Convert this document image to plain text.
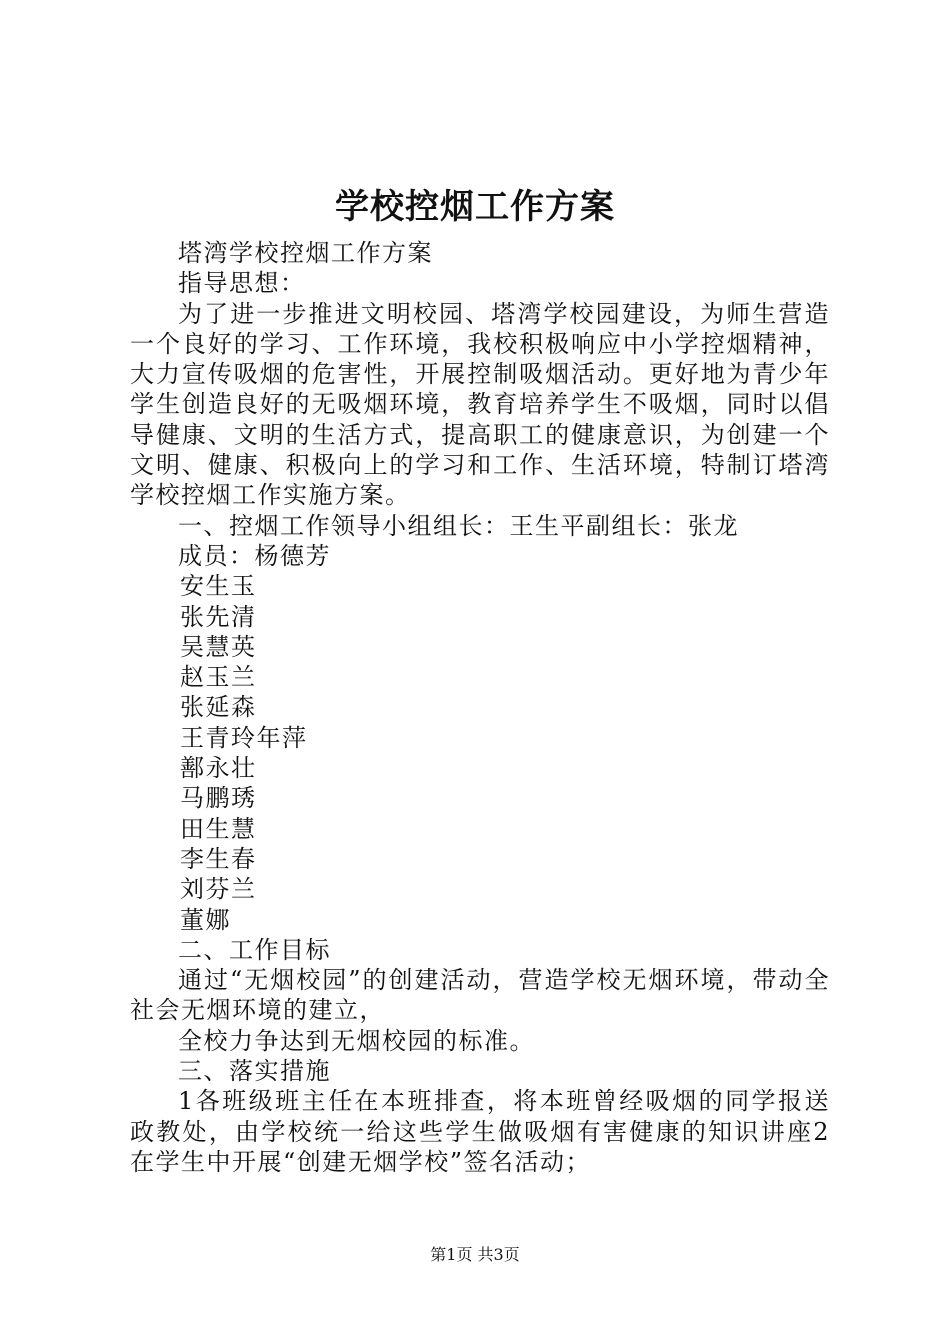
学校控烟工作方案

塔湾学校控烟工作方案

指导思想：

为了进一步推进文明校园、塔湾学校园建设，为师生营造一个良好的学习、工作环境，我校积极响应中小学控烟精神，大力宣传吸烟的危害性，开展控制吸烟活动。更好地为青少年学生创造良好的无吸烟环境，教育培养学生不吸烟，同时以倡导健康、文明的生活方式，提高职工的健康意识，为创建一个文明、健康、积极向上的学习和工作、生活环境，特制订塔湾学校控烟工作实施方案。

一、控烟工作领导小组组长：王生平副组长：张龙

成员：杨德芳

安生玉
张先清
吴慧英
赵玉兰
张延森
王青玲年萍
鄯永壮
马鹏琇
田生慧
李生春
刘芬兰
董娜

二、工作目标

通过“无烟校园”的创建活动，营造学校无烟环境，带动全社会无烟环境的建立，

全校力争达到无烟校园的标准。

三、落实措施

1各班级班主任在本班排查，将本班曾经吸烟的同学报送政教处，由学校统一给这些学生做吸烟有害健康的知识讲座2在学生中开展“创建无烟学校”签名活动；

第1页 共3页
